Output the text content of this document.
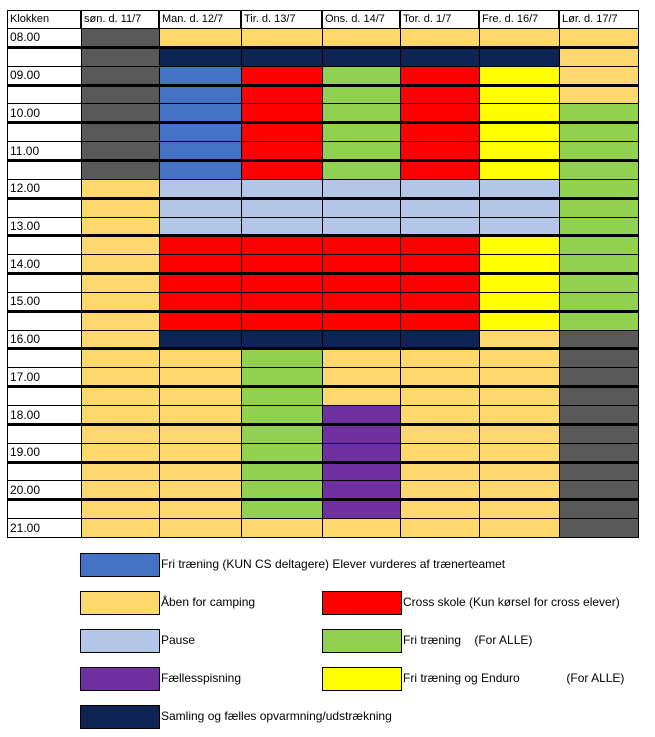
Klokken	søn. d. 11/7	Man. d. 12/7	Tir. d. 13/7	Ons. d. 14/7	Tor. d. 1/7	Fre. d. 16/7	Lør. d. 17/7
08.00
09.00
10.00
11.00
12.00
13.00
14.00
15.00
16.00
17.00
18.00
19.00
20.00
21.00
Fri træning (KUN CS deltagere) Elever vurderes af trænerteamet
Åben for camping	Cross skole (Kun kørsel for cross elever)
Pause	Fri træning    (For ALLE)
Fællesspisning	Fri træning og Enduro              (For ALLE)
Samling og fælles opvarmning/udstrækning
